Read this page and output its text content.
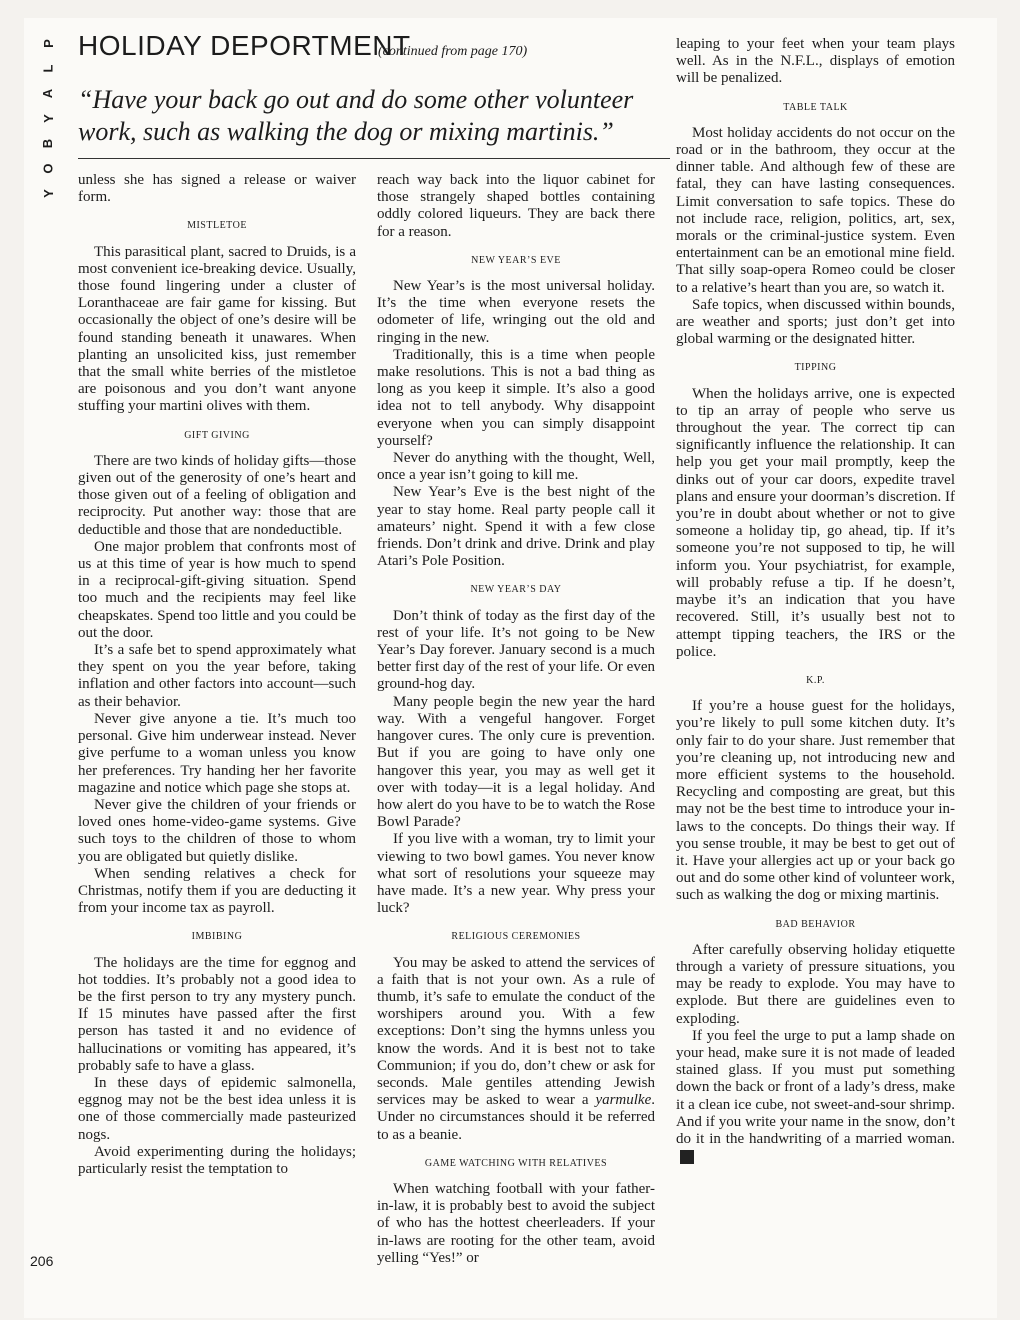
P
L
A
Y
B
O
Y
206
HOLIDAY DEPORTMENT
(continued from page 170)
“Have your back go out and do some other volunteer work, such as walking the dog or mixing martinis.”

unless she has signed a release or waiver form.

MISTLETOE

This parasitical plant, sacred to Druids, is a most convenient ice-breaking device. Usually, those found lingering under a cluster of Loranthaceae are fair game for kissing. But occasionally the object of one’s desire will be found standing beneath it unawares. When planting an unsolicited kiss, just remember that the small white berries of the mistletoe are poisonous and you don’t want anyone stuffing your martini olives with them.

GIFT GIVING

There are two kinds of holiday gifts—those given out of the generosity of one’s heart and those given out of a feeling of obligation and reciprocity. Put another way: those that are deductible and those that are nondeductible.

One major problem that confronts most of us at this time of year is how much to spend in a reciprocal-gift-giving situation. Spend too much and the recipients may feel like cheapskates. Spend too little and you could be out the door.

It’s a safe bet to spend approximately what they spent on you the year before, taking inflation and other factors into account—such as their behavior.

Never give anyone a tie. It’s much too personal. Give him underwear instead. Never give perfume to a woman unless you know her preferences. Try handing her her favorite magazine and notice which page she stops at.

Never give the children of your friends or loved ones home-video-game systems. Give such toys to the children of those to whom you are obligated but quietly dislike.

When sending relatives a check for Christmas, notify them if you are deducting it from your income tax as payroll.

IMBIBING

The holidays are the time for eggnog and hot toddies. It’s probably not a good idea to be the first person to try any mystery punch. If 15 minutes have passed after the first person has tasted it and no evidence of hallucinations or vomiting has appeared, it’s probably safe to have a glass.

In these days of epidemic salmonella, eggnog may not be the best idea unless it is one of those commercially made pasteurized nogs.

Avoid experimenting during the holidays; particularly resist the temptation to

reach way back into the liquor cabinet for those strangely shaped bottles containing oddly colored liqueurs. They are back there for a reason.

NEW YEAR’S EVE

New Year’s is the most universal holiday. It’s the time when everyone resets the odometer of life, wringing out the old and ringing in the new.

Traditionally, this is a time when people make resolutions. This is not a bad thing as long as you keep it simple. It’s also a good idea not to tell anybody. Why disappoint everyone when you can simply disappoint yourself?

Never do anything with the thought, Well, once a year isn’t going to kill me.

New Year’s Eve is the best night of the year to stay home. Real party people call it amateurs’ night. Spend it with a few close friends. Don’t drink and drive. Drink and play Atari’s Pole Position.

NEW YEAR’S DAY

Don’t think of today as the first day of the rest of your life. It’s not going to be New Year’s Day forever. January second is a much better first day of the rest of your life. Or even ground-hog day.

Many people begin the new year the hard way. With a vengeful hangover. Forget hangover cures. The only cure is prevention. But if you are going to have only one hangover this year, you may as well get it over with today—it is a legal holiday. And how alert do you have to be to watch the Rose Bowl Parade?

If you live with a woman, try to limit your viewing to two bowl games. You never know what sort of resolutions your squeeze may have made. It’s a new year. Why press your luck?

RELIGIOUS CEREMONIES

You may be asked to attend the services of a faith that is not your own. As a rule of thumb, it’s safe to emulate the conduct of the worshipers around you. With a few exceptions: Don’t sing the hymns unless you know the words. And it is best not to take Communion; if you do, don’t chew or ask for seconds. Male gentiles attending Jewish services may be asked to wear a yarmulke. Under no circumstances should it be referred to as a beanie.

GAME WATCHING WITH RELATIVES

When watching football with your father-in-law, it is probably best to avoid the subject of who has the hottest cheerleaders. If your in-laws are rooting for the other team, avoid yelling “Yes!” or

leaping to your feet when your team plays well. As in the N.F.L., displays of emotion will be penalized.

TABLE TALK

Most holiday accidents do not occur on the road or in the bathroom, they occur at the dinner table. And although few of these are fatal, they can have lasting consequences. Limit conversation to safe topics. These do not include race, religion, politics, art, sex, morals or the criminal-justice system. Even entertainment can be an emotional mine field. That silly soap-opera Romeo could be closer to a relative’s heart than you are, so watch it.

Safe topics, when discussed within bounds, are weather and sports; just don’t get into global warming or the designated hitter.

TIPPING

When the holidays arrive, one is expected to tip an array of people who serve us throughout the year. The correct tip can significantly influence the relationship. It can help you get your mail promptly, keep the dinks out of your car doors, expedite travel plans and ensure your doorman’s discretion. If you’re in doubt about whether or not to give someone a holiday tip, go ahead, tip. If it’s someone you’re not supposed to tip, he will inform you. Your psychiatrist, for example, will probably refuse a tip. If he doesn’t, maybe it’s an indication that you have recovered. Still, it’s usually best not to attempt tipping teachers, the IRS or the police.

K.P.

If you’re a house guest for the holidays, you’re likely to pull some kitchen duty. It’s only fair to do your share. Just remember that you’re cleaning up, not introducing new and more efficient systems to the household. Recycling and composting are great, but this may not be the best time to introduce your in-laws to the concepts. Do things their way. If you sense trouble, it may be best to get out of it. Have your allergies act up or your back go out and do some other kind of volunteer work, such as walking the dog or mixing martinis.

BAD BEHAVIOR

After carefully observing holiday etiquette through a variety of pressure situations, you may be ready to explode. You may have to explode. But there are guidelines even to exploding.

If you feel the urge to put a lamp shade on your head, make sure it is not made of leaded stained glass. If you must put something down the back or front of a lady’s dress, make it a clean ice cube, not sweet-and-sour shrimp. And if you write your name in the snow, don’t do it in the handwriting of a married woman.✦
